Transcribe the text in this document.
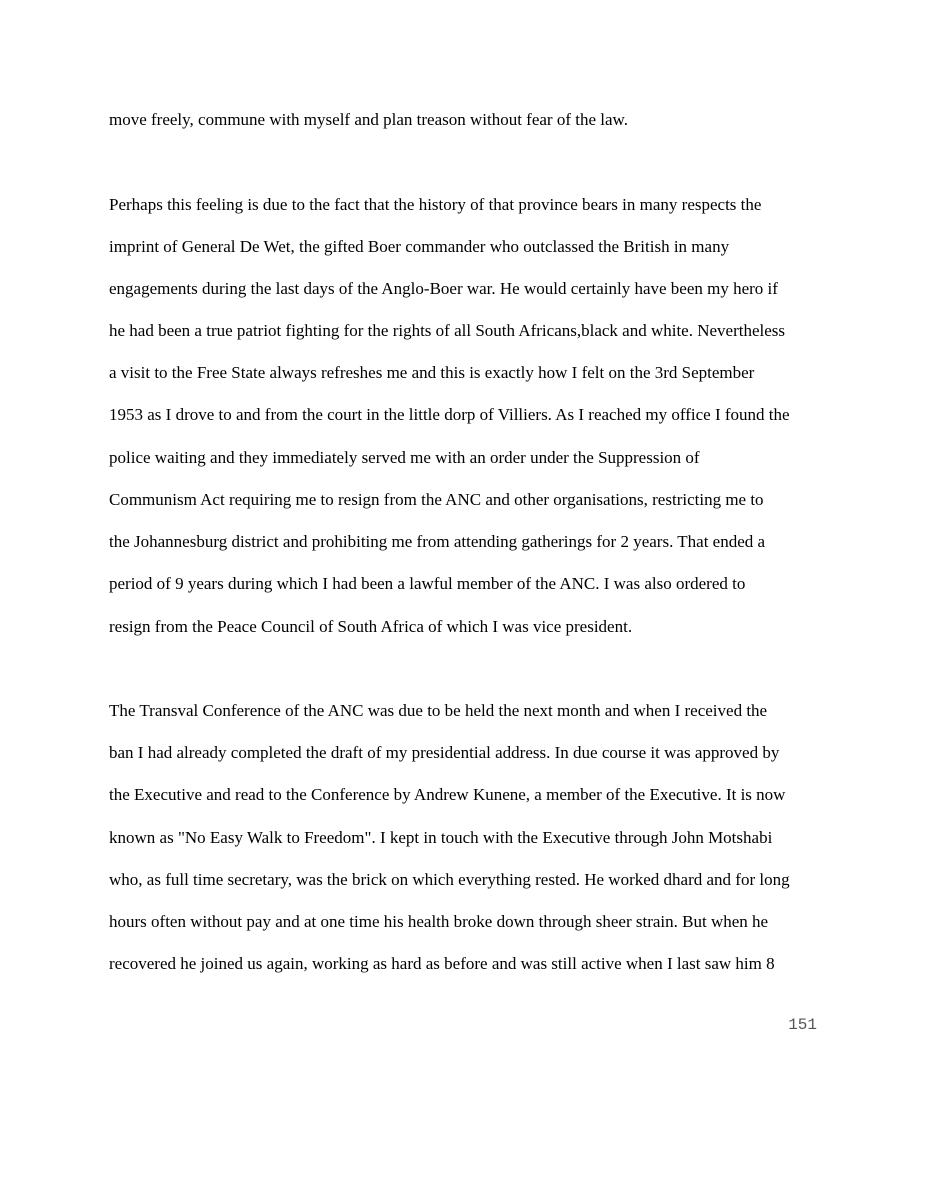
move freely, commune with myself and plan treason without fear of the law.

Perhaps this feeling is due to the fact that the history of that province bears in many respects the

imprint of General De Wet, the gifted Boer commander who outclassed the British in many

engagements during the last days of the Anglo-Boer war. He would certainly have been my hero if

he had been a true patriot fighting for the rights of all South Africans,black and white. Nevertheless

a visit to the Free State always refreshes me and this is exactly how I felt on the 3rd September

1953 as I drove to and from the court in the little dorp of Villiers. As I reached my office I found the

police waiting and they immediately served me with an order under the Suppression of

Communism Act requiring me to resign from the ANC and other organisations, restricting me to

the Johannesburg district and prohibiting me from attending gatherings for 2 years. That ended a

period of 9 years during which I had been a lawful member of the ANC. I was also ordered to

resign from the Peace Council of South Africa of which I was vice president.

The Transval Conference of the ANC was due to be held the next month and when I received the

ban I had already completed the draft of my presidential address. In due course it was approved by

the Executive and read to the Conference by Andrew Kunene, a member of the Executive. It is now

known as "No Easy Walk to Freedom". I kept in touch with the Executive through John Motshabi

who, as full time secretary, was the brick on which everything rested. He worked dhard and for long

hours often without pay and at one time his health broke down through sheer strain. But when he

recovered he joined us again, working as hard as before and was still active when I last saw him 8

151
